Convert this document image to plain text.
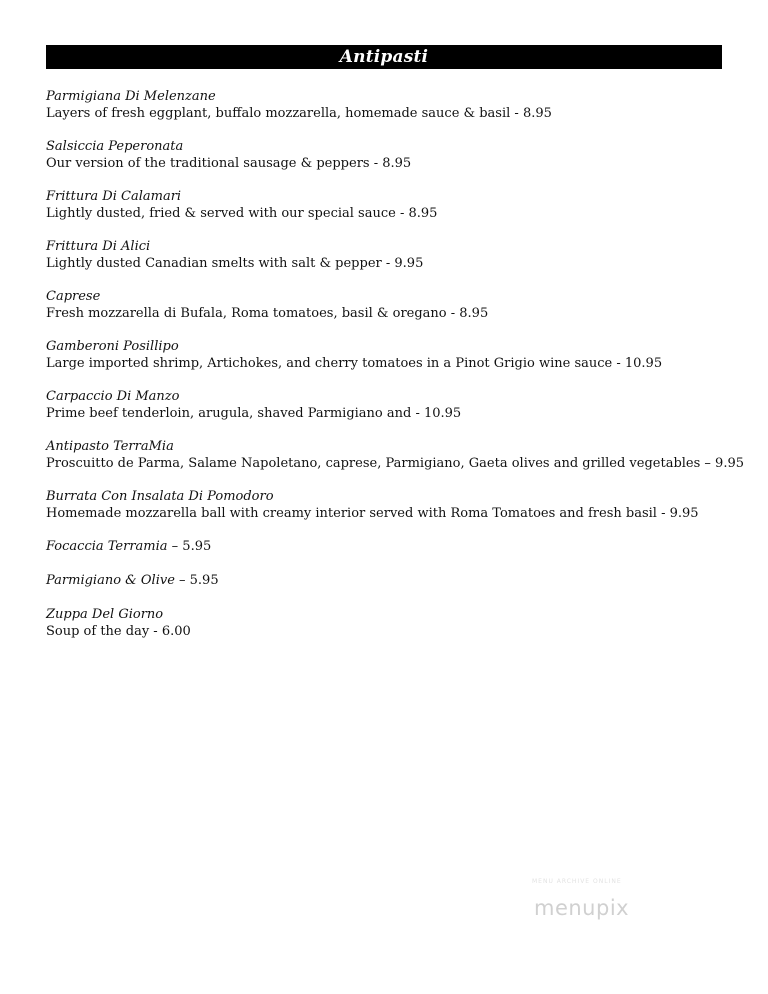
Antipasti
Parmigiana Di Melenzane
Layers of fresh eggplant, buffalo mozzarella, homemade sauce & basil - 8.95
Salsiccia Peperonata
Our version of the traditional sausage & peppers - 8.95
Frittura Di Calamari
Lightly dusted, fried & served with our special sauce - 8.95
Frittura Di Alici
Lightly dusted Canadian smelts with salt & pepper - 9.95
Caprese
Fresh mozzarella di Bufala, Roma tomatoes, basil & oregano - 8.95
Gamberoni Posillipo
Large imported shrimp, Artichokes, and cherry tomatoes in a Pinot Grigio wine sauce - 10.95
Carpaccio Di Manzo
Prime beef tenderloin, arugula, shaved Parmigiano and - 10.95
Antipasto TerraMia
Proscuitto de Parma, Salame Napoletano, caprese, Parmigiano, Gaeta olives and grilled vegetables – 9.95
Burrata Con Insalata Di Pomodoro
Homemade mozzarella ball with creamy interior served with Roma Tomatoes and fresh basil - 9.95
Focaccia Terramia – 5.95
Parmigiano & Olive – 5.95
Zuppa Del Giorno
Soup of the day - 6.00
MENU ARCHIVE ONLINE
menupix
